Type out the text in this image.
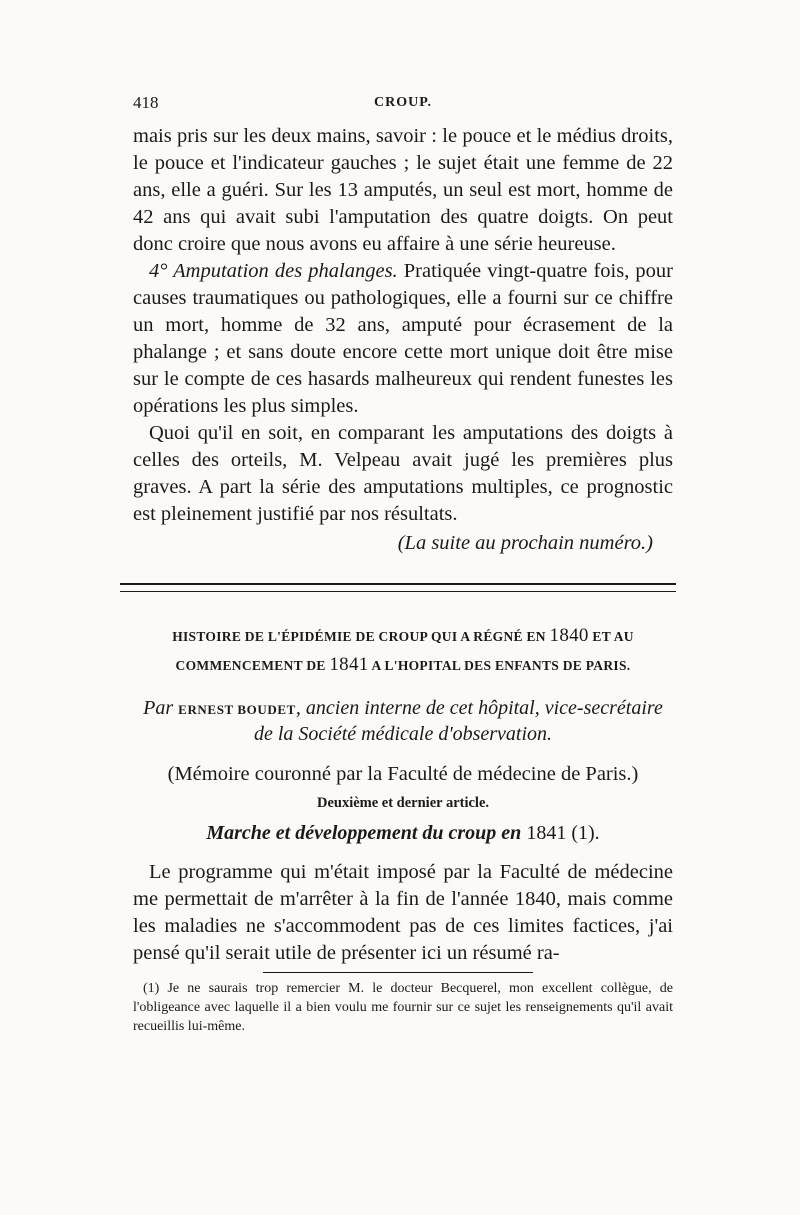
418	CROUP.

mais pris sur les deux mains, savoir : le pouce et le médius droits, le pouce et l'indicateur gauches ; le sujet était une femme de 22 ans, elle a guéri. Sur les 13 amputés, un seul est mort, homme de 42 ans qui avait subi l'amputation des quatre doigts. On peut donc croire que nous avons eu affaire à une série heureuse.

4° Amputation des phalanges. Pratiquée vingt-quatre fois, pour causes traumatiques ou pathologiques, elle a fourni sur ce chiffre un mort, homme de 32 ans, amputé pour écrasement de la phalange ; et sans doute encore cette mort unique doit être mise sur le compte de ces hasards malheureux qui rendent funestes les opérations les plus simples.

Quoi qu'il en soit, en comparant les amputations des doigts à celles des orteils, M. Velpeau avait jugé les premières plus graves. A part la série des amputations multiples, ce prognostic est pleinement justifié par nos résultats.

(La suite au prochain numéro.)
HISTOIRE DE L'ÉPIDÉMIE DE CROUP QUI A RÉGNÉ EN 1840 ET AU
COMMENCEMENT DE 1841 A L'HOPITAL DES ENFANTS DE PARIS.
Par ERNEST BOUDET, ancien interne de cet hôpital, vice-secrétaire de la Société médicale d'observation.
(Mémoire couronné par la Faculté de médecine de Paris.)
Deuxième et dernier article.
Marche et développement du croup en 1841 (1).

Le programme qui m'était imposé par la Faculté de médecine me permettait de m'arrêter à la fin de l'année 1840, mais comme les maladies ne s'accommodent pas de ces limites factices, j'ai pensé qu'il serait utile de présenter ici un résumé ra-

(1) Je ne saurais trop remercier M. le docteur Becquerel, mon excellent collègue, de l'obligeance avec laquelle il a bien voulu me fournir sur ce sujet les renseignements qu'il avait recueillis lui-même.
